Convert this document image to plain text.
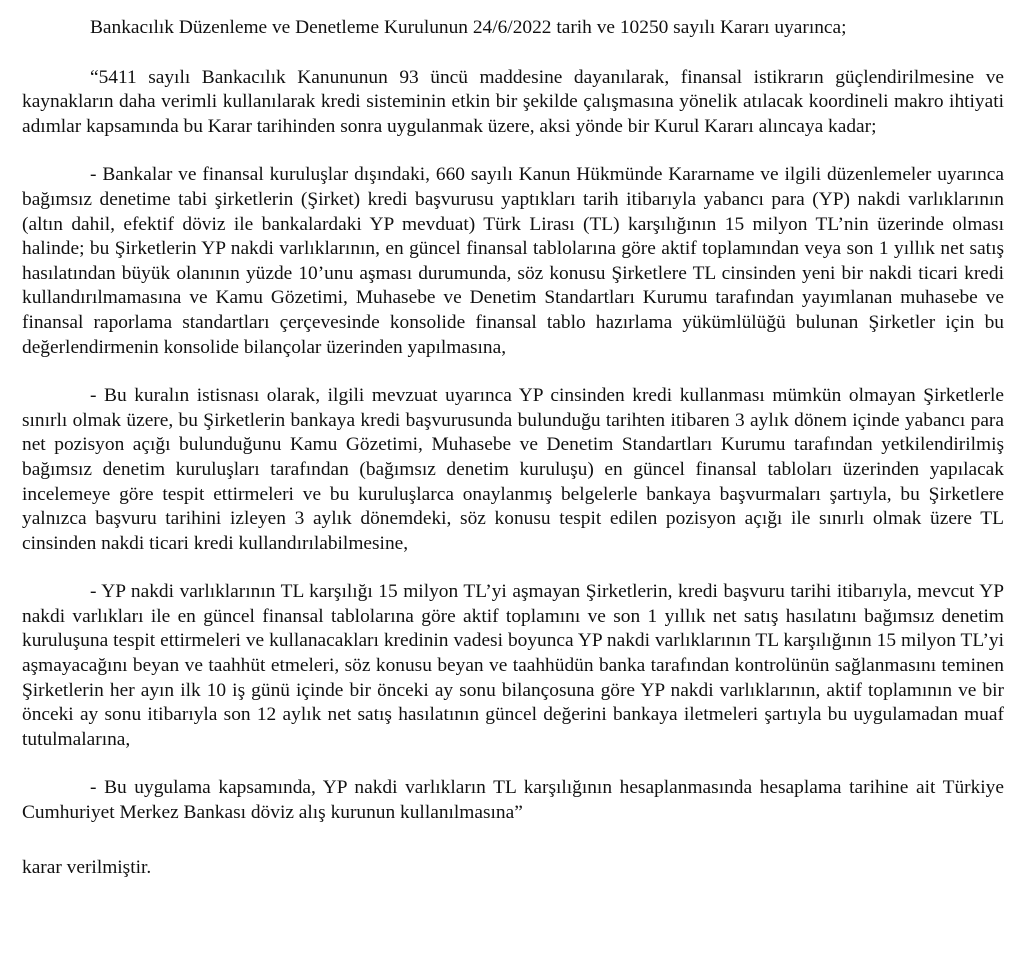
Bankacılık Düzenleme ve Denetleme Kurulunun 24/6/2022 tarih ve 10250 sayılı Kararı uyarınca;

“5411 sayılı Bankacılık Kanununun 93 üncü maddesine dayanılarak, finansal istikrarın güçlendirilmesine ve kaynakların daha verimli kullanılarak kredi sisteminin etkin bir şekilde çalışmasına yönelik atılacak koordineli makro ihtiyati adımlar kapsamında bu Karar tarihinden sonra uygulanmak üzere, aksi yönde bir Kurul Kararı alıncaya kadar;

- Bankalar ve finansal kuruluşlar dışındaki, 660 sayılı Kanun Hükmünde Kararname ve ilgili düzenlemeler uyarınca bağımsız denetime tabi şirketlerin (Şirket) kredi başvurusu yaptıkları tarih itibarıyla yabancı para (YP) nakdi varlıklarının (altın dahil, efektif döviz ile bankalardaki YP mevduat) Türk Lirası (TL) karşılığının 15 milyon TL’nin üzerinde olması halinde; bu Şirketlerin YP nakdi varlıklarının, en güncel finansal tablolarına göre aktif toplamından veya son 1 yıllık net satış hasılatından büyük olanının yüzde 10’unu aşması durumunda, söz konusu Şirketlere TL cinsinden yeni bir nakdi ticari kredi kullandırılmamasına ve Kamu Gözetimi, Muhasebe ve Denetim Standartları Kurumu tarafından yayımlanan muhasebe ve finansal raporlama standartları çerçevesinde konsolide finansal tablo hazırlama yükümlülüğü bulunan Şirketler için bu değerlendirmenin konsolide bilançolar üzerinden yapılmasına,

- Bu kuralın istisnası olarak, ilgili mevzuat uyarınca YP cinsinden kredi kullanması mümkün olmayan Şirketlerle sınırlı olmak üzere, bu Şirketlerin bankaya kredi başvurusunda bulunduğu tarihten itibaren 3 aylık dönem içinde yabancı para net pozisyon açığı bulunduğunu Kamu Gözetimi, Muhasebe ve Denetim Standartları Kurumu tarafından yetkilendirilmiş bağımsız denetim kuruluşları tarafından (bağımsız denetim kuruluşu) en güncel finansal tabloları üzerinden yapılacak incelemeye göre tespit ettirmeleri ve bu kuruluşlarca onaylanmış belgelerle bankaya başvurmaları şartıyla, bu Şirketlere yalnızca başvuru tarihini izleyen 3 aylık dönemdeki, söz konusu tespit edilen pozisyon açığı ile sınırlı olmak üzere TL cinsinden nakdi ticari kredi kullandırılabilmesine,

- YP nakdi varlıklarının TL karşılığı 15 milyon TL’yi aşmayan Şirketlerin, kredi başvuru tarihi itibarıyla, mevcut YP nakdi varlıkları ile en güncel finansal tablolarına göre aktif toplamını ve son 1 yıllık net satış hasılatını bağımsız denetim kuruluşuna tespit ettirmeleri ve kullanacakları kredinin vadesi boyunca YP nakdi varlıklarının TL karşılığının 15 milyon TL’yi aşmayacağını beyan ve taahhüt etmeleri, söz konusu beyan ve taahhüdün banka tarafından kontrolünün sağlanmasını teminen Şirketlerin her ayın ilk 10 iş günü içinde bir önceki ay sonu bilançosuna göre YP nakdi varlıklarının, aktif toplamının ve bir önceki ay sonu itibarıyla son 12 aylık net satış hasılatının güncel değerini bankaya iletmeleri şartıyla bu uygulamadan muaf tutulmalarına,

- Bu uygulama kapsamında, YP nakdi varlıkların TL karşılığının hesaplanmasında hesaplama tarihine ait Türkiye Cumhuriyet Merkez Bankası döviz alış kurunun kullanılmasına”

karar verilmiştir.
